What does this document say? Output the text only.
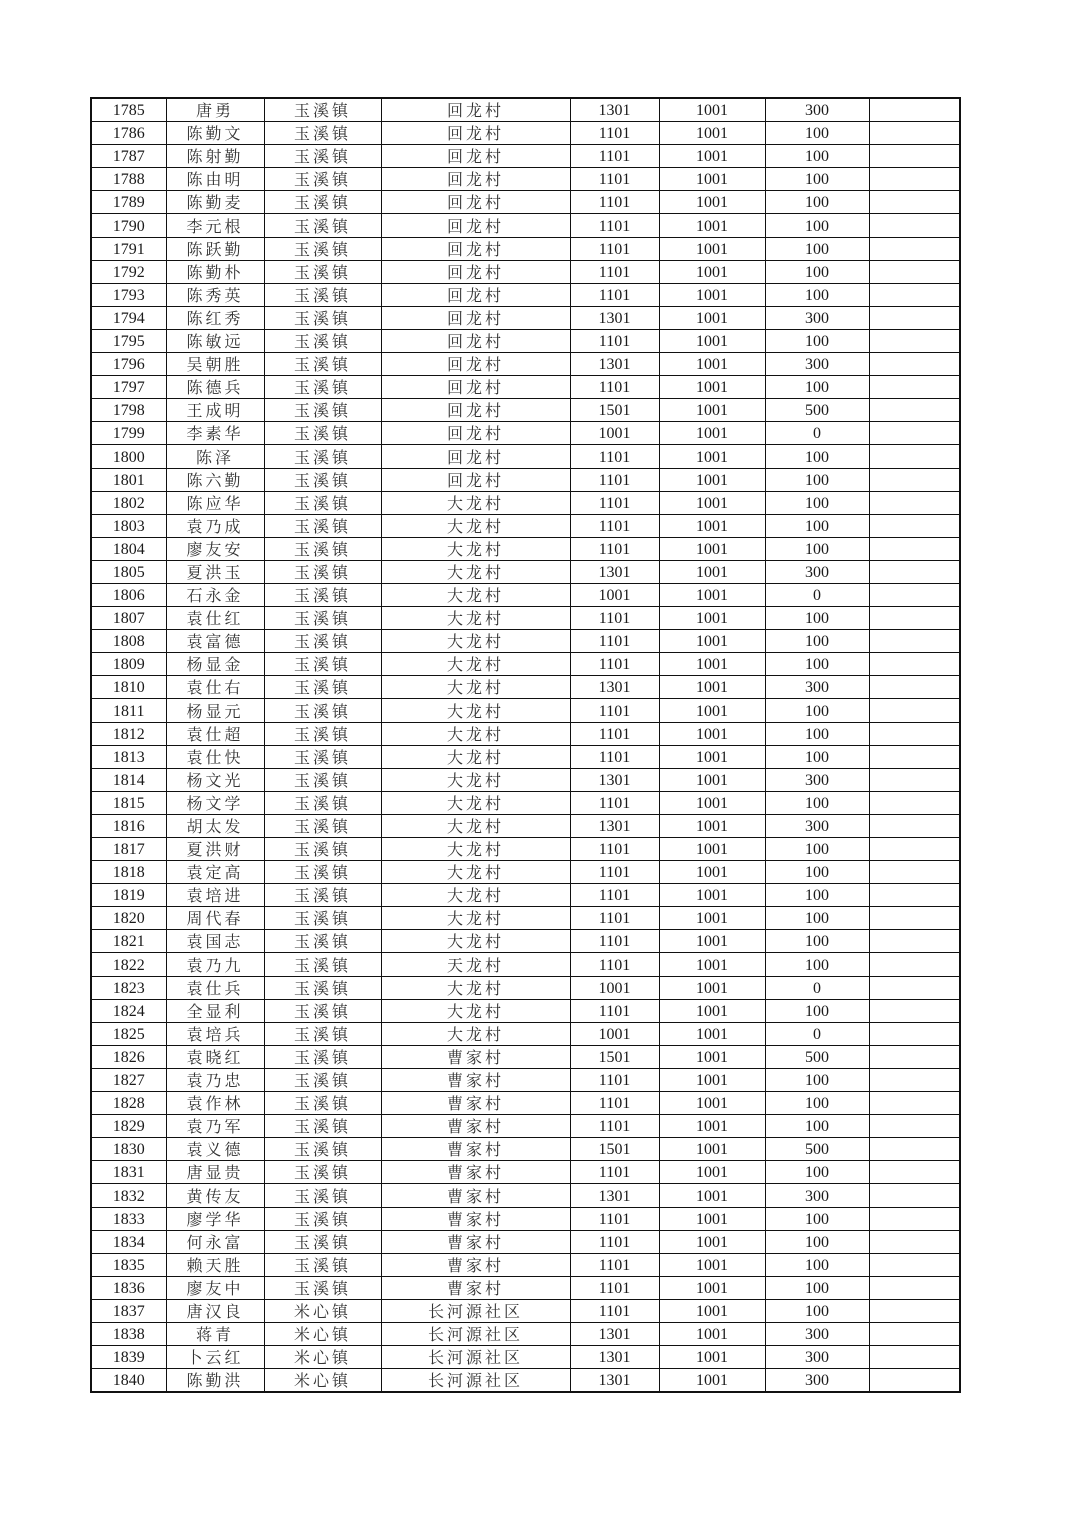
1785	唐勇	玉溪镇	回龙村	1301	1001	300	
1786	陈勤文	玉溪镇	回龙村	1101	1001	100	
1787	陈射勤	玉溪镇	回龙村	1101	1001	100	
1788	陈由明	玉溪镇	回龙村	1101	1001	100	
1789	陈勤麦	玉溪镇	回龙村	1101	1001	100	
1790	李元根	玉溪镇	回龙村	1101	1001	100	
1791	陈跃勤	玉溪镇	回龙村	1101	1001	100	
1792	陈勤朴	玉溪镇	回龙村	1101	1001	100	
1793	陈秀英	玉溪镇	回龙村	1101	1001	100	
1794	陈红秀	玉溪镇	回龙村	1301	1001	300	
1795	陈敏远	玉溪镇	回龙村	1101	1001	100	
1796	吴朝胜	玉溪镇	回龙村	1301	1001	300	
1797	陈德兵	玉溪镇	回龙村	1101	1001	100	
1798	王成明	玉溪镇	回龙村	1501	1001	500	
1799	李素华	玉溪镇	回龙村	1001	1001	0	
1800	陈泽	玉溪镇	回龙村	1101	1001	100	
1801	陈六勤	玉溪镇	回龙村	1101	1001	100	
1802	陈应华	玉溪镇	大龙村	1101	1001	100	
1803	袁乃成	玉溪镇	大龙村	1101	1001	100	
1804	廖友安	玉溪镇	大龙村	1101	1001	100	
1805	夏洪玉	玉溪镇	大龙村	1301	1001	300	
1806	石永金	玉溪镇	大龙村	1001	1001	0	
1807	袁仕红	玉溪镇	大龙村	1101	1001	100	
1808	袁富德	玉溪镇	大龙村	1101	1001	100	
1809	杨显金	玉溪镇	大龙村	1101	1001	100	
1810	袁仕右	玉溪镇	大龙村	1301	1001	300	
1811	杨显元	玉溪镇	大龙村	1101	1001	100	
1812	袁仕超	玉溪镇	大龙村	1101	1001	100	
1813	袁仕快	玉溪镇	大龙村	1101	1001	100	
1814	杨文光	玉溪镇	大龙村	1301	1001	300	
1815	杨文学	玉溪镇	大龙村	1101	1001	100	
1816	胡太发	玉溪镇	大龙村	1301	1001	300	
1817	夏洪财	玉溪镇	大龙村	1101	1001	100	
1818	袁定高	玉溪镇	大龙村	1101	1001	100	
1819	袁培进	玉溪镇	大龙村	1101	1001	100	
1820	周代春	玉溪镇	大龙村	1101	1001	100	
1821	袁国志	玉溪镇	大龙村	1101	1001	100	
1822	袁乃九	玉溪镇	天龙村	1101	1001	100	
1823	袁仕兵	玉溪镇	大龙村	1001	1001	0	
1824	全显利	玉溪镇	大龙村	1101	1001	100	
1825	袁培兵	玉溪镇	大龙村	1001	1001	0	
1826	袁晓红	玉溪镇	曹家村	1501	1001	500	
1827	袁乃忠	玉溪镇	曹家村	1101	1001	100	
1828	袁作林	玉溪镇	曹家村	1101	1001	100	
1829	袁乃军	玉溪镇	曹家村	1101	1001	100	
1830	袁义德	玉溪镇	曹家村	1501	1001	500	
1831	唐显贵	玉溪镇	曹家村	1101	1001	100	
1832	黄传友	玉溪镇	曹家村	1301	1001	300	
1833	廖学华	玉溪镇	曹家村	1101	1001	100	
1834	何永富	玉溪镇	曹家村	1101	1001	100	
1835	赖天胜	玉溪镇	曹家村	1101	1001	100	
1836	廖友中	玉溪镇	曹家村	1101	1001	100	
1837	唐汉良	米心镇	长河源社区	1101	1001	100	
1838	蒋青	米心镇	长河源社区	1301	1001	300	
1839	卜云红	米心镇	长河源社区	1301	1001	300	
1840	陈勤洪	米心镇	长河源社区	1301	1001	300	
